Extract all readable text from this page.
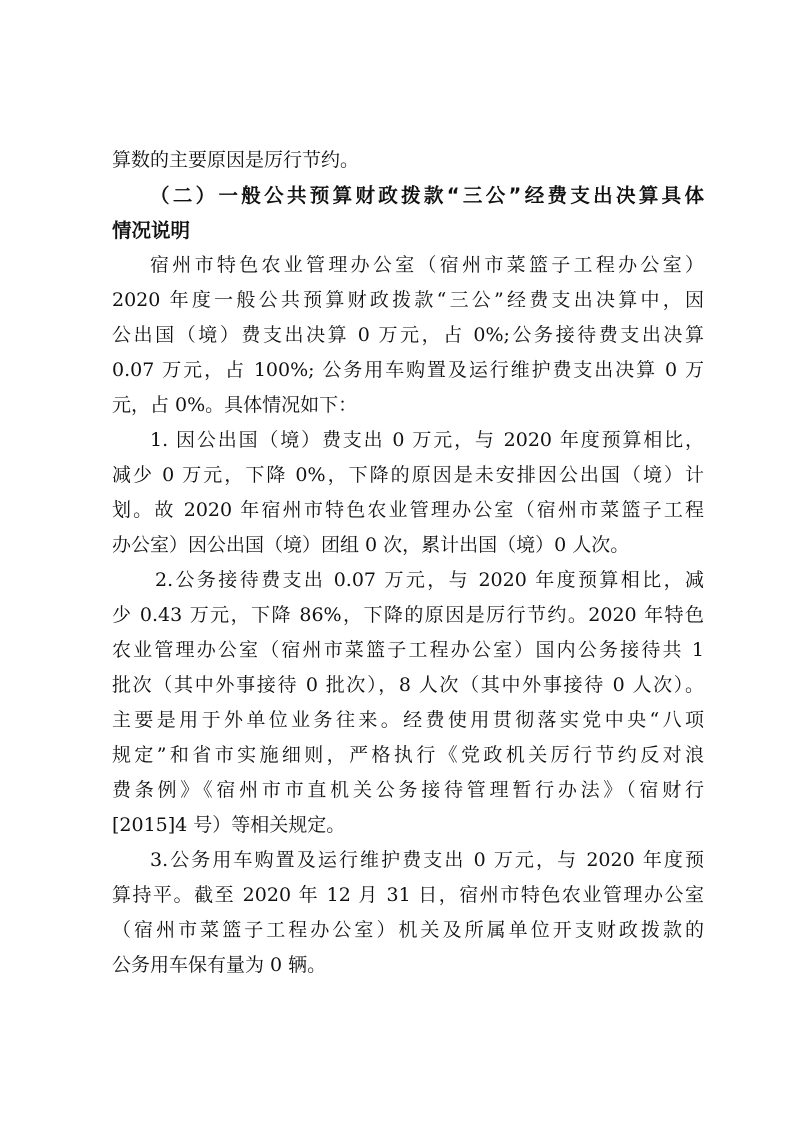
算数的主要原因是厉行节约。

（二）一般公共预算财政拨款“三公”经费支出决算具体
情况说明

宿州市特色农业管理办公室（宿州市菜篮子工程办公室）
2020 年度一般公共预算财政拨款“三公”经费支出决算中，因
公出国（境）费支出决算 0 万元，占 0%;公务接待费支出决算
0.07 万元，占 100%; 公务用车购置及运行维护费支出决算 0 万
元，占 0%。具体情况如下：

1. 因公出国（境）费支出 0 万元，与 2020 年度预算相比，
减少 0 万元，下降 0%，下降的原因是未安排因公出国（境）计
划。故 2020 年宿州市特色农业管理办公室（宿州市菜篮子工程
办公室）因公出国（境）团组 0 次，累计出国（境）0 人次。

2.公务接待费支出 0.07 万元，与 2020 年度预算相比，减
少 0.43 万元，下降 86%，下降的原因是厉行节约。2020 年特色
农业管理办公室（宿州市菜篮子工程办公室）国内公务接待共 1
批次（其中外事接待 0 批次），8 人次（其中外事接待 0 人次）。
主要是用于外单位业务往来。经费使用贯彻落实党中央“八项
规定”和省市实施细则，严格执行《党政机关厉行节约反对浪
费条例》《宿州市市直机关公务接待管理暂行办法》（宿财行
[2015]4 号）等相关规定。

3.公务用车购置及运行维护费支出 0 万元，与 2020 年度预
算持平。截至 2020 年 12 月 31 日，宿州市特色农业管理办公室
（宿州市菜篮子工程办公室）机关及所属单位开支财政拨款的
公务用车保有量为 0 辆。
